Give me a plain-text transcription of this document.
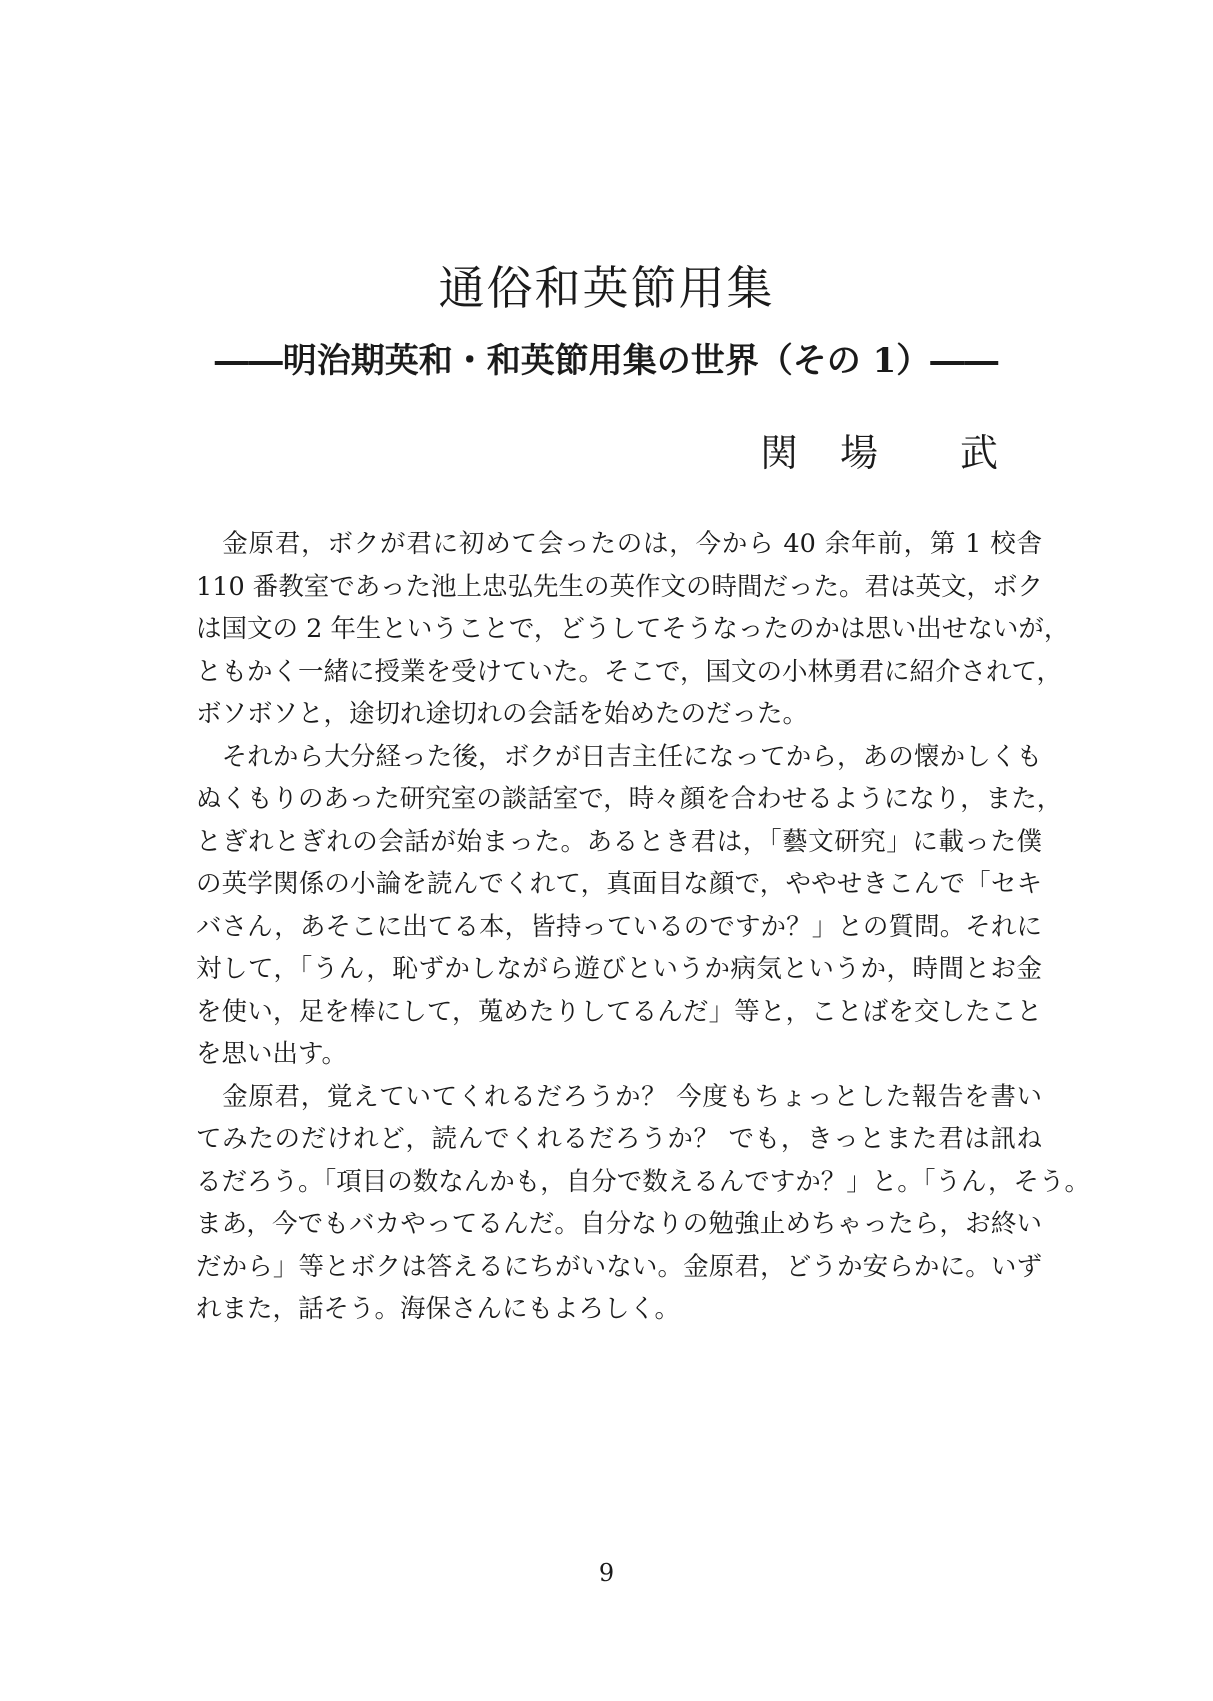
通俗和英節用集
――明治期英和・和英節用集の世界（その 1）――
関　場　　武

　金原君，ボクが君に初めて会ったのは，今から 40 余年前，第 1 校舎
110 番教室であった池上忠弘先生の英作文の時間だった。君は英文，ボク
は国文の 2 年生ということで，どうしてそうなったのかは思い出せないが，
ともかく一緒に授業を受けていた。そこで，国文の小林勇君に紹介されて，
ボソボソと，途切れ途切れの会話を始めたのだった。

　それから大分経った後，ボクが日吉主任になってから，あの懐かしくも
ぬくもりのあった研究室の談話室で，時々顔を合わせるようになり，また，
とぎれとぎれの会話が始まった。あるとき君は，「藝文研究」に載った僕
の英学関係の小論を読んでくれて，真面目な顔で，ややせきこんで「セキ
バさん，あそこに出てる本，皆持っているのですか？」との質問。それに
対して，「うん，恥ずかしながら遊びというか病気というか，時間とお金
を使い，足を棒にして，蒐めたりしてるんだ」等と，ことばを交したこと
を思い出す。

　金原君，覚えていてくれるだろうか？ 今度もちょっとした報告を書い
てみたのだけれど，読んでくれるだろうか？ でも，きっとまた君は訊ね
るだろう。「項目の数なんかも，自分で数えるんですか？」と。「うん，そう。
まあ，今でもバカやってるんだ。自分なりの勉強止めちゃったら，お終い
だから」等とボクは答えるにちがいない。金原君，どうか安らかに。いず
れまた，話そう。海保さんにもよろしく。

9
